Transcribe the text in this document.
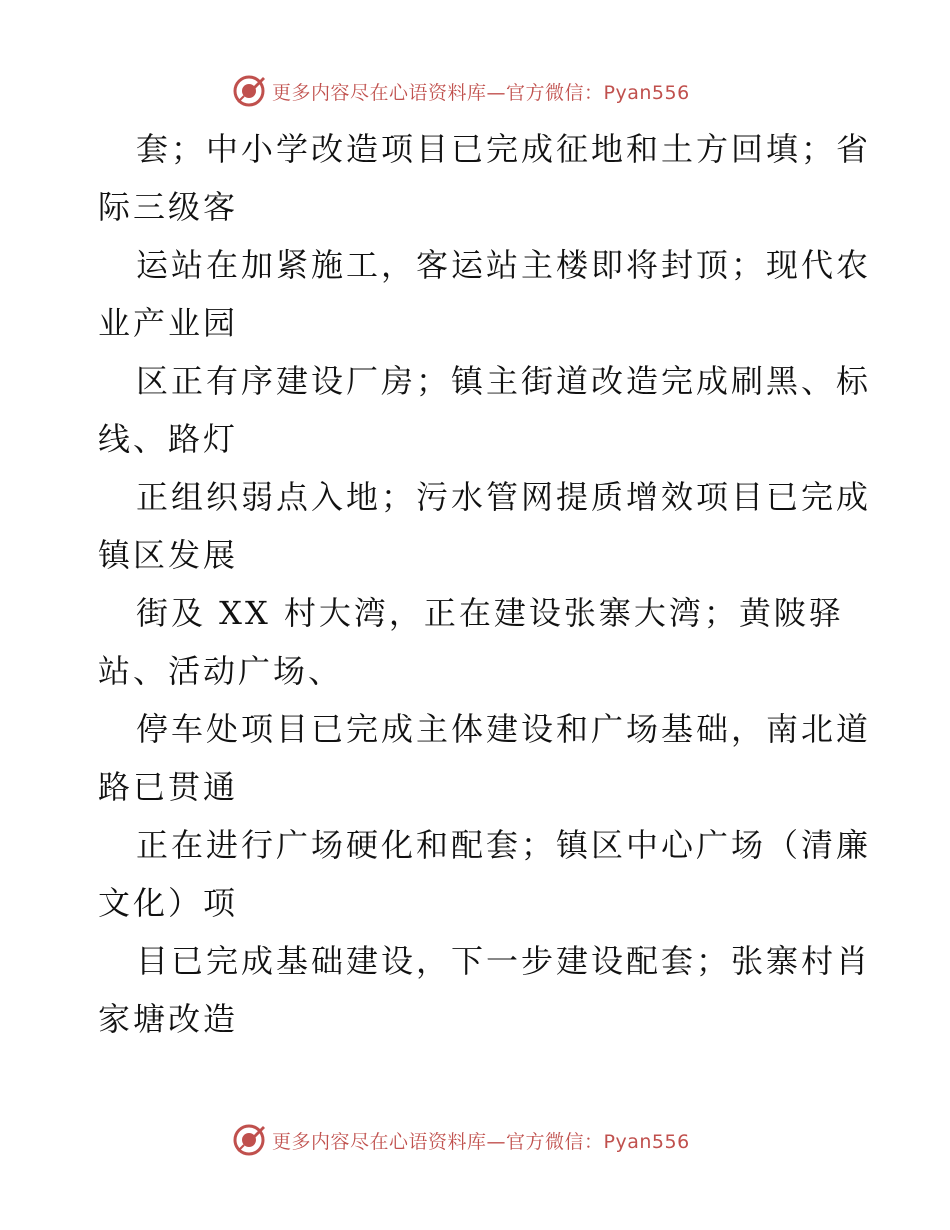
更多内容尽在心语资料库—官方微信：Pyan556
套；中小学改造项目已完成征地和土方回填；省
际三级客
运站在加紧施工，客运站主楼即将封顶；现代农
业产业园
区正有序建设厂房；镇主街道改造完成刷黑、标
线、路灯
正组织弱点入地；污水管网提质增效项目已完成
镇区发展
街及 XX 村大湾，正在建设张寨大湾；黄陂驿
站、活动广场、
停车处项目已完成主体建设和广场基础，南北道
路已贯通
正在进行广场硬化和配套；镇区中心广场（清廉
文化）项
目已完成基础建设，下一步建设配套；张寨村肖
家塘改造
更多内容尽在心语资料库—官方微信：Pyan556
